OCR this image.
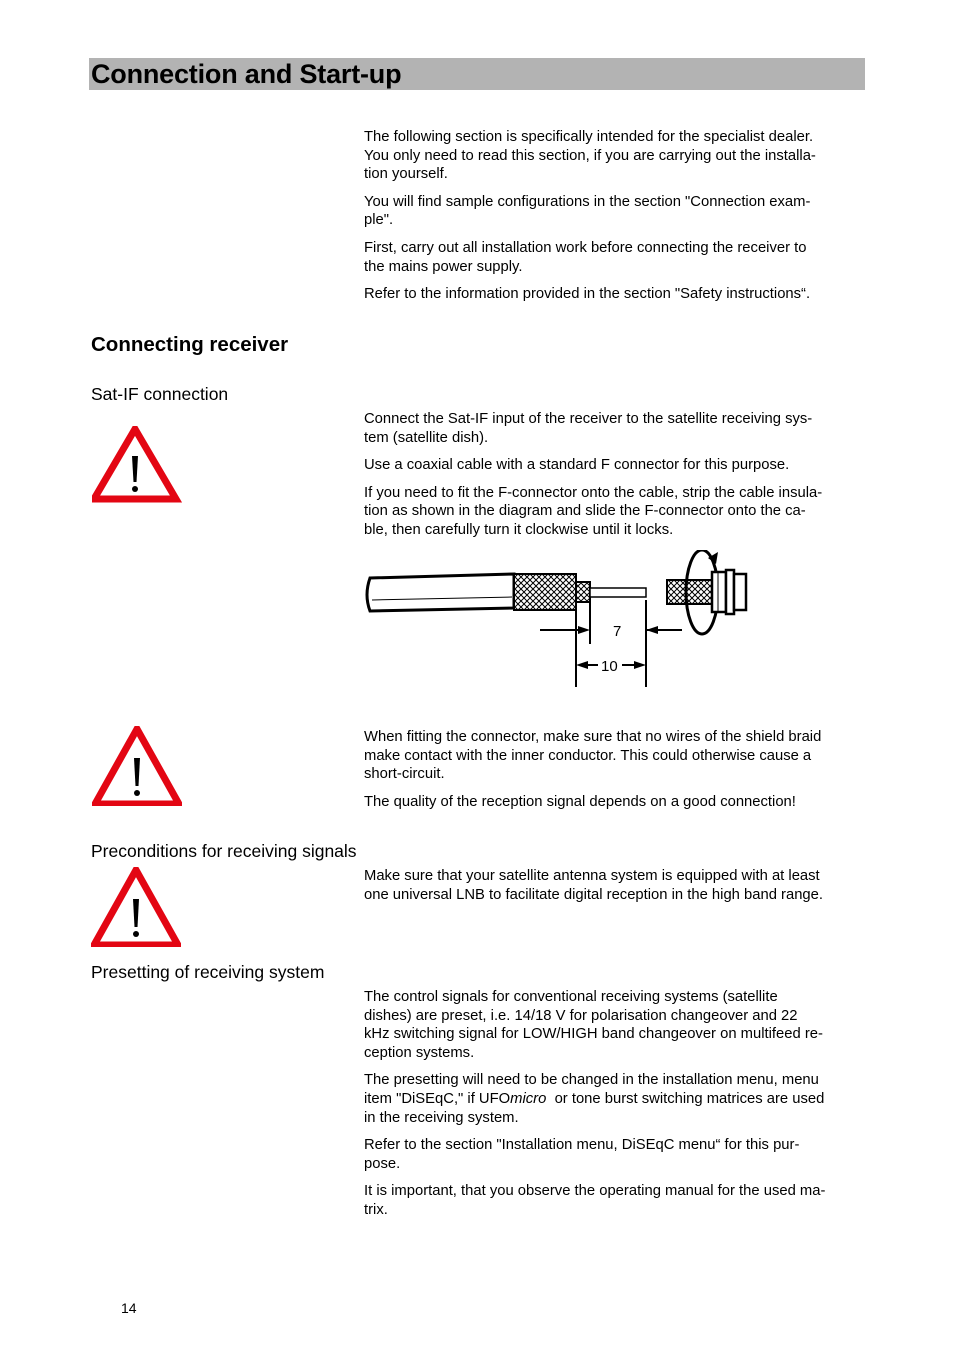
Connection and Start-up

The following section is specifically intended for the specialist dealer.

You only need to read this section, if you are carrying out the installa-

tion yourself.

You will find sample configurations in the section "Connection exam-

ple".

First, carry out all installation work before connecting the receiver to

the mains power supply.

Refer to the information provided in the section "Safety instructions“.

Connecting receiver
Sat-IF connection

Connect the Sat-IF input of the receiver to the satellite receiving sys-

tem (satellite dish).

Use a coaxial cable with a standard F connector for this purpose.

If you need to fit the F-connector onto the cable, strip the cable insula-

tion as shown in the diagram and slide the F-connector onto the ca-

ble, then carefully turn it clockwise until it locks.

7
10

When fitting the connector, make sure that no wires of the shield braid

make contact with the inner conductor. This could otherwise cause a

short-circuit.

The quality of the reception signal depends on a good connection!

Preconditions for receiving signals

Make sure that your satellite antenna system is equipped with at least

one universal LNB to facilitate digital reception in the high band range.

Presetting of receiving system

The control signals for conventional receiving systems (satellite

dishes) are preset, i.e. 14/18 V for polarisation changeover and 22

kHz switching signal for LOW/HIGH band changeover on multifeed re-

ception systems.

The presetting will need to be changed in the installation menu, menu

item "DiSEqC," if UFOmicro  or tone burst switching matrices are used

in the receiving system.

Refer to the section "Installation menu, DiSEqC menu“ for this pur-

pose.

It is important, that you observe the operating manual for the used ma-

trix.

14
